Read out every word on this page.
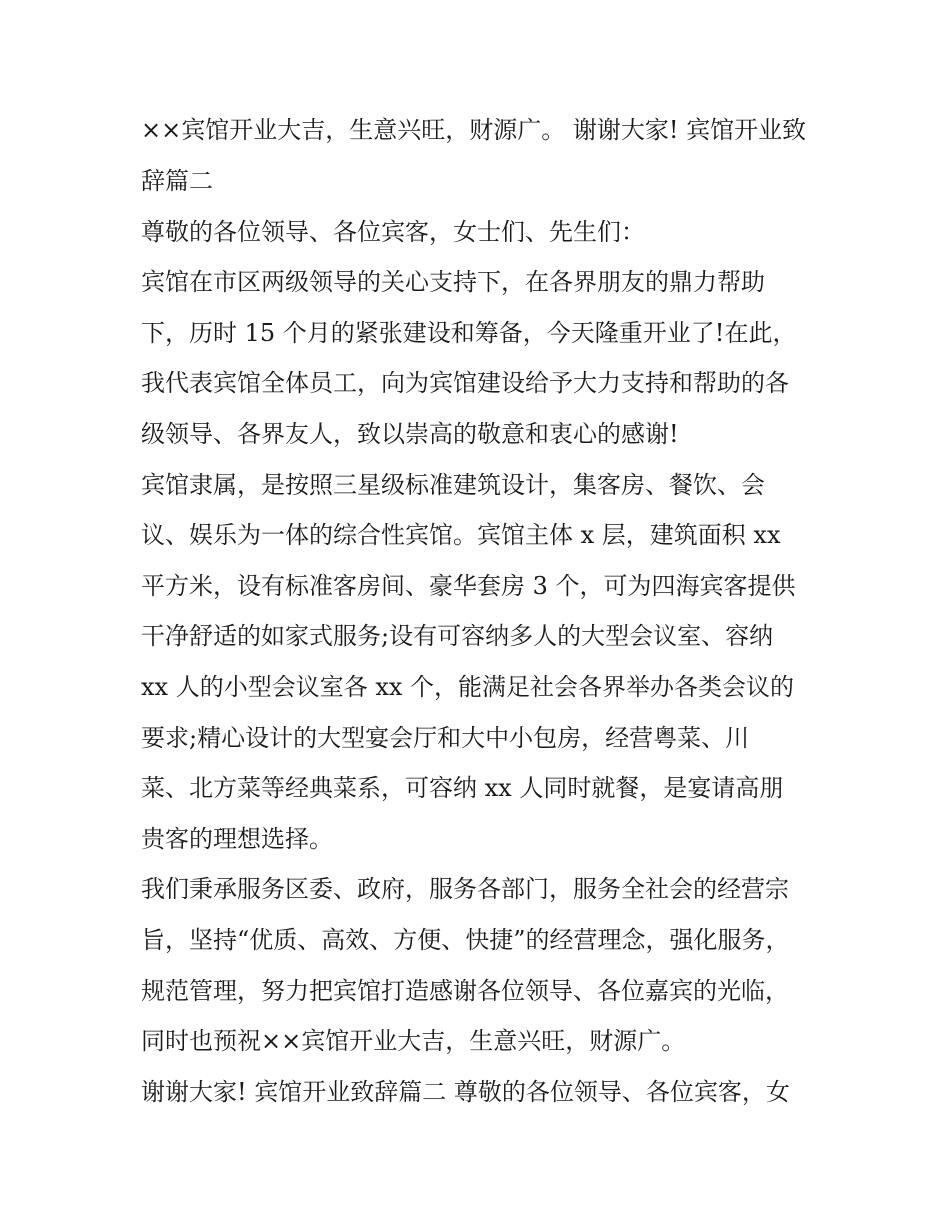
××宾馆开业大吉，生意兴旺，财源广。 谢谢大家! 宾馆开业致
辞篇二
尊敬的各位领导、各位宾客，女士们、先生们：
宾馆在市区两级领导的关心支持下，在各界朋友的鼎力帮助
下，历时 15 个月的紧张建设和筹备，今天隆重开业了!在此，
我代表宾馆全体员工，向为宾馆建设给予大力支持和帮助的各
级领导、各界友人，致以崇高的敬意和衷心的感谢!
宾馆隶属，是按照三星级标准建筑设计，集客房、餐饮、会
议、娱乐为一体的综合性宾馆。宾馆主体 x 层，建筑面积 xx
平方米，设有标准客房间、豪华套房 3 个，可为四海宾客提供
干净舒适的如家式服务;设有可容纳多人的大型会议室、容纳
xx 人的小型会议室各 xx 个，能满足社会各界举办各类会议的
要求;精心设计的大型宴会厅和大中小包房，经营粤菜、川
菜、北方菜等经典菜系，可容纳 xx 人同时就餐，是宴请高朋
贵客的理想选择。
我们秉承服务区委、政府，服务各部门，服务全社会的经营宗
旨，坚持“优质、高效、方便、快捷”的经营理念，强化服务，
规范管理，努力把宾馆打造感谢各位领导、各位嘉宾的光临，
同时也预祝××宾馆开业大吉，生意兴旺，财源广。
谢谢大家! 宾馆开业致辞篇二 尊敬的各位领导、各位宾客，女
